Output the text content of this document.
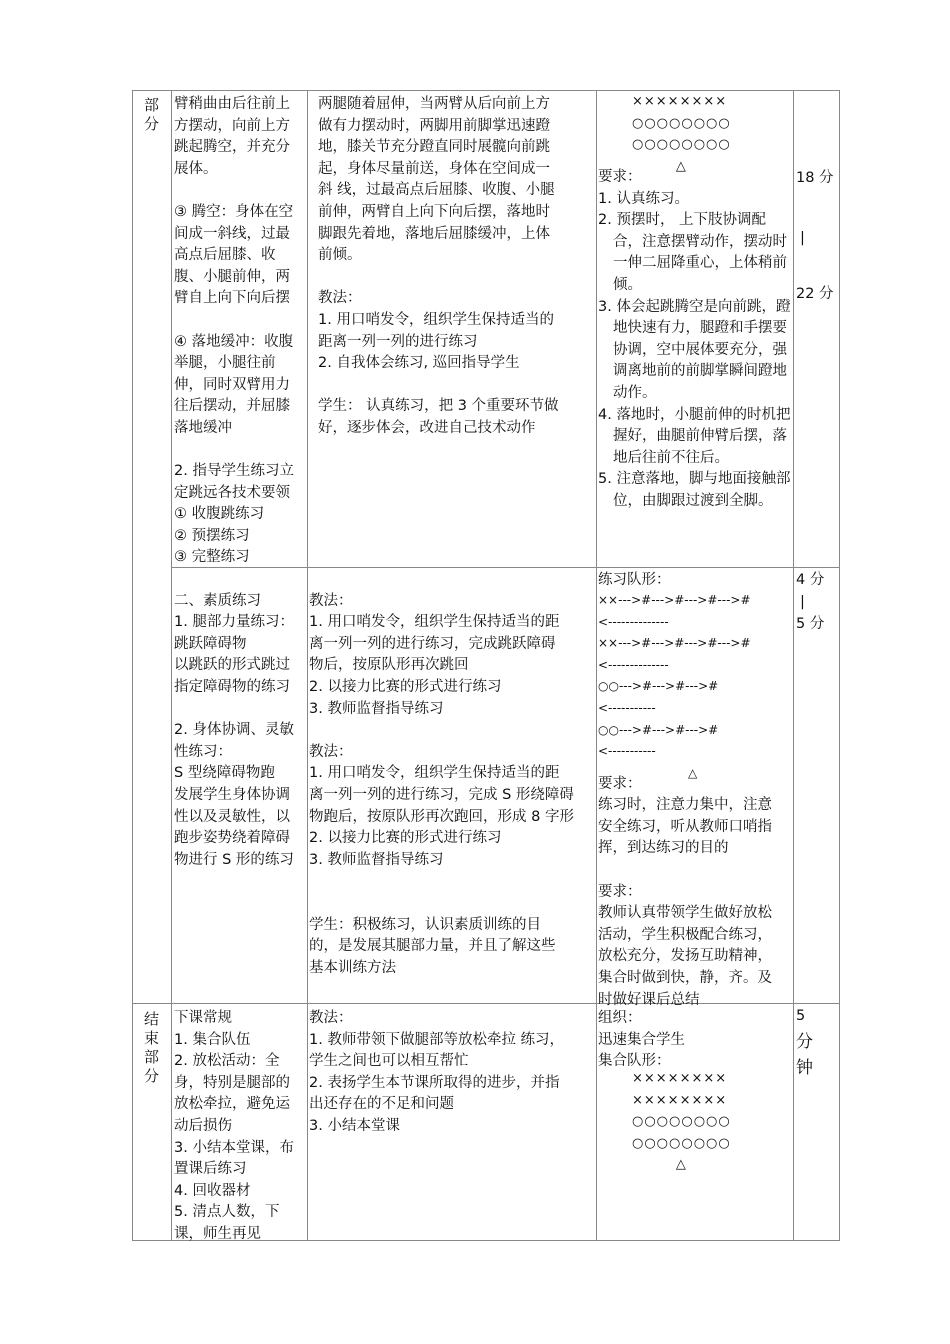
部分
臂稍曲由后往前上
方摆动，向前上方
跳起腾空，并充分
展体。
③ 腾空：身体在空
间成一斜线，过最
高点后屈膝、收
腹、小腿前伸，两
臂自上向下向后摆
④ 落地缓冲：收腹
举腿，小腿往前
伸，同时双臂用力
往后摆动，并屈膝
落地缓冲
2. 指导学生练习立
定跳远各技术要领
① 收腹跳练习
② 预摆练习
③ 完整练习
两腿随着屈伸，当两臂从后向前上方
做有力摆动时，两脚用前脚掌迅速蹬
地，膝关节充分蹬直同时展髋向前跳
起，身体尽量前送，身体在空间成一
斜 线，过最高点后屈膝、收腹、小腿
前伸，两臂自上向下向后摆，落地时
脚跟先着地，落地后屈膝缓冲，上体
前倾。
教法：
1. 用口哨发令，组织学生保持适当的
距离一列一列的进行练习
2. 自我体会练习, 巡回指导学生
学生： 认真练习，把 3 个重要环节做
好，逐步体会，改进自己技术动作
××××××××
○○○○○○○○
○○○○○○○○
△
要求：
1. 认真练习。
2. 预摆时， 上下肢协调配合，注意摆臂动作，摆动时一伸二屈降重心，上体稍前倾。
3. 体会起跳腾空是向前跳，蹬地快速有力，腿蹬和手摆要协调，空中展体要充分，强调离地前的前脚掌瞬间蹬地动作。
4. 落地时，小腿前伸的时机把握好，曲腿前伸臂后摆，落地后往前不往后。
5. 注意落地，脚与地面接触部位，由脚跟过渡到全脚。
18 分
|
22 分
二、素质练习
1. 腿部力量练习：
跳跃障碍物
以跳跃的形式跳过
指定障碍物的练习
2. 身体协调、灵敏
性练习：
S 型绕障碍物跑
发展学生身体协调
性以及灵敏性，以
跑步姿势绕着障碍
物进行 S 形的练习
教法：
1. 用口哨发令，组织学生保持适当的距
离一列一列的进行练习，完成跳跃障碍
物后，按原队形再次跳回
2. 以接力比赛的形式进行练习
3. 教师监督指导练习
教法：
1. 用口哨发令，组织学生保持适当的距
离一列一列的进行练习，完成 S 形绕障碍
物跑后，按原队形再次跑回，形成 8 字形
2. 以接力比赛的形式进行练习
3. 教师监督指导练习
学生：积极练习，认识素质训练的目
的，是发展其腿部力量，并且了解这些
基本训练方法
练习队形：
××--->#--->#--->#--->#
<--------------
××--->#--->#--->#--->#
<--------------
○○--->#--->#--->#
<-----------
○○--->#--->#--->#
<-----------
△
要求：
练习时，注意力集中，注意
安全练习，听从教师口哨指
挥，到达练习的目的
要求：
教师认真带领学生做好放松
活动，学生积极配合练习，
放松充分，发扬互助精神，
集合时做到快，静，齐。及
时做好课后总结
4 分
|
5 分
结束部分
下课常规
1. 集合队伍
2. 放松活动：全
身，特别是腿部的
放松牵拉，避免运
动后损伤
3. 小结本堂课，布
置课后练习
4. 回收器材
5. 清点人数，下
课，师生再见
教法：
1. 教师带领下做腿部等放松牵拉 练习，
学生之间也可以相互帮忙
2. 表扬学生本节课所取得的进步，并指
出还存在的不足和问题
3. 小结本堂课
组织：
迅速集合学生
集合队形：
××××××××
××××××××
○○○○○○○○
○○○○○○○○
△
5
分
钟
